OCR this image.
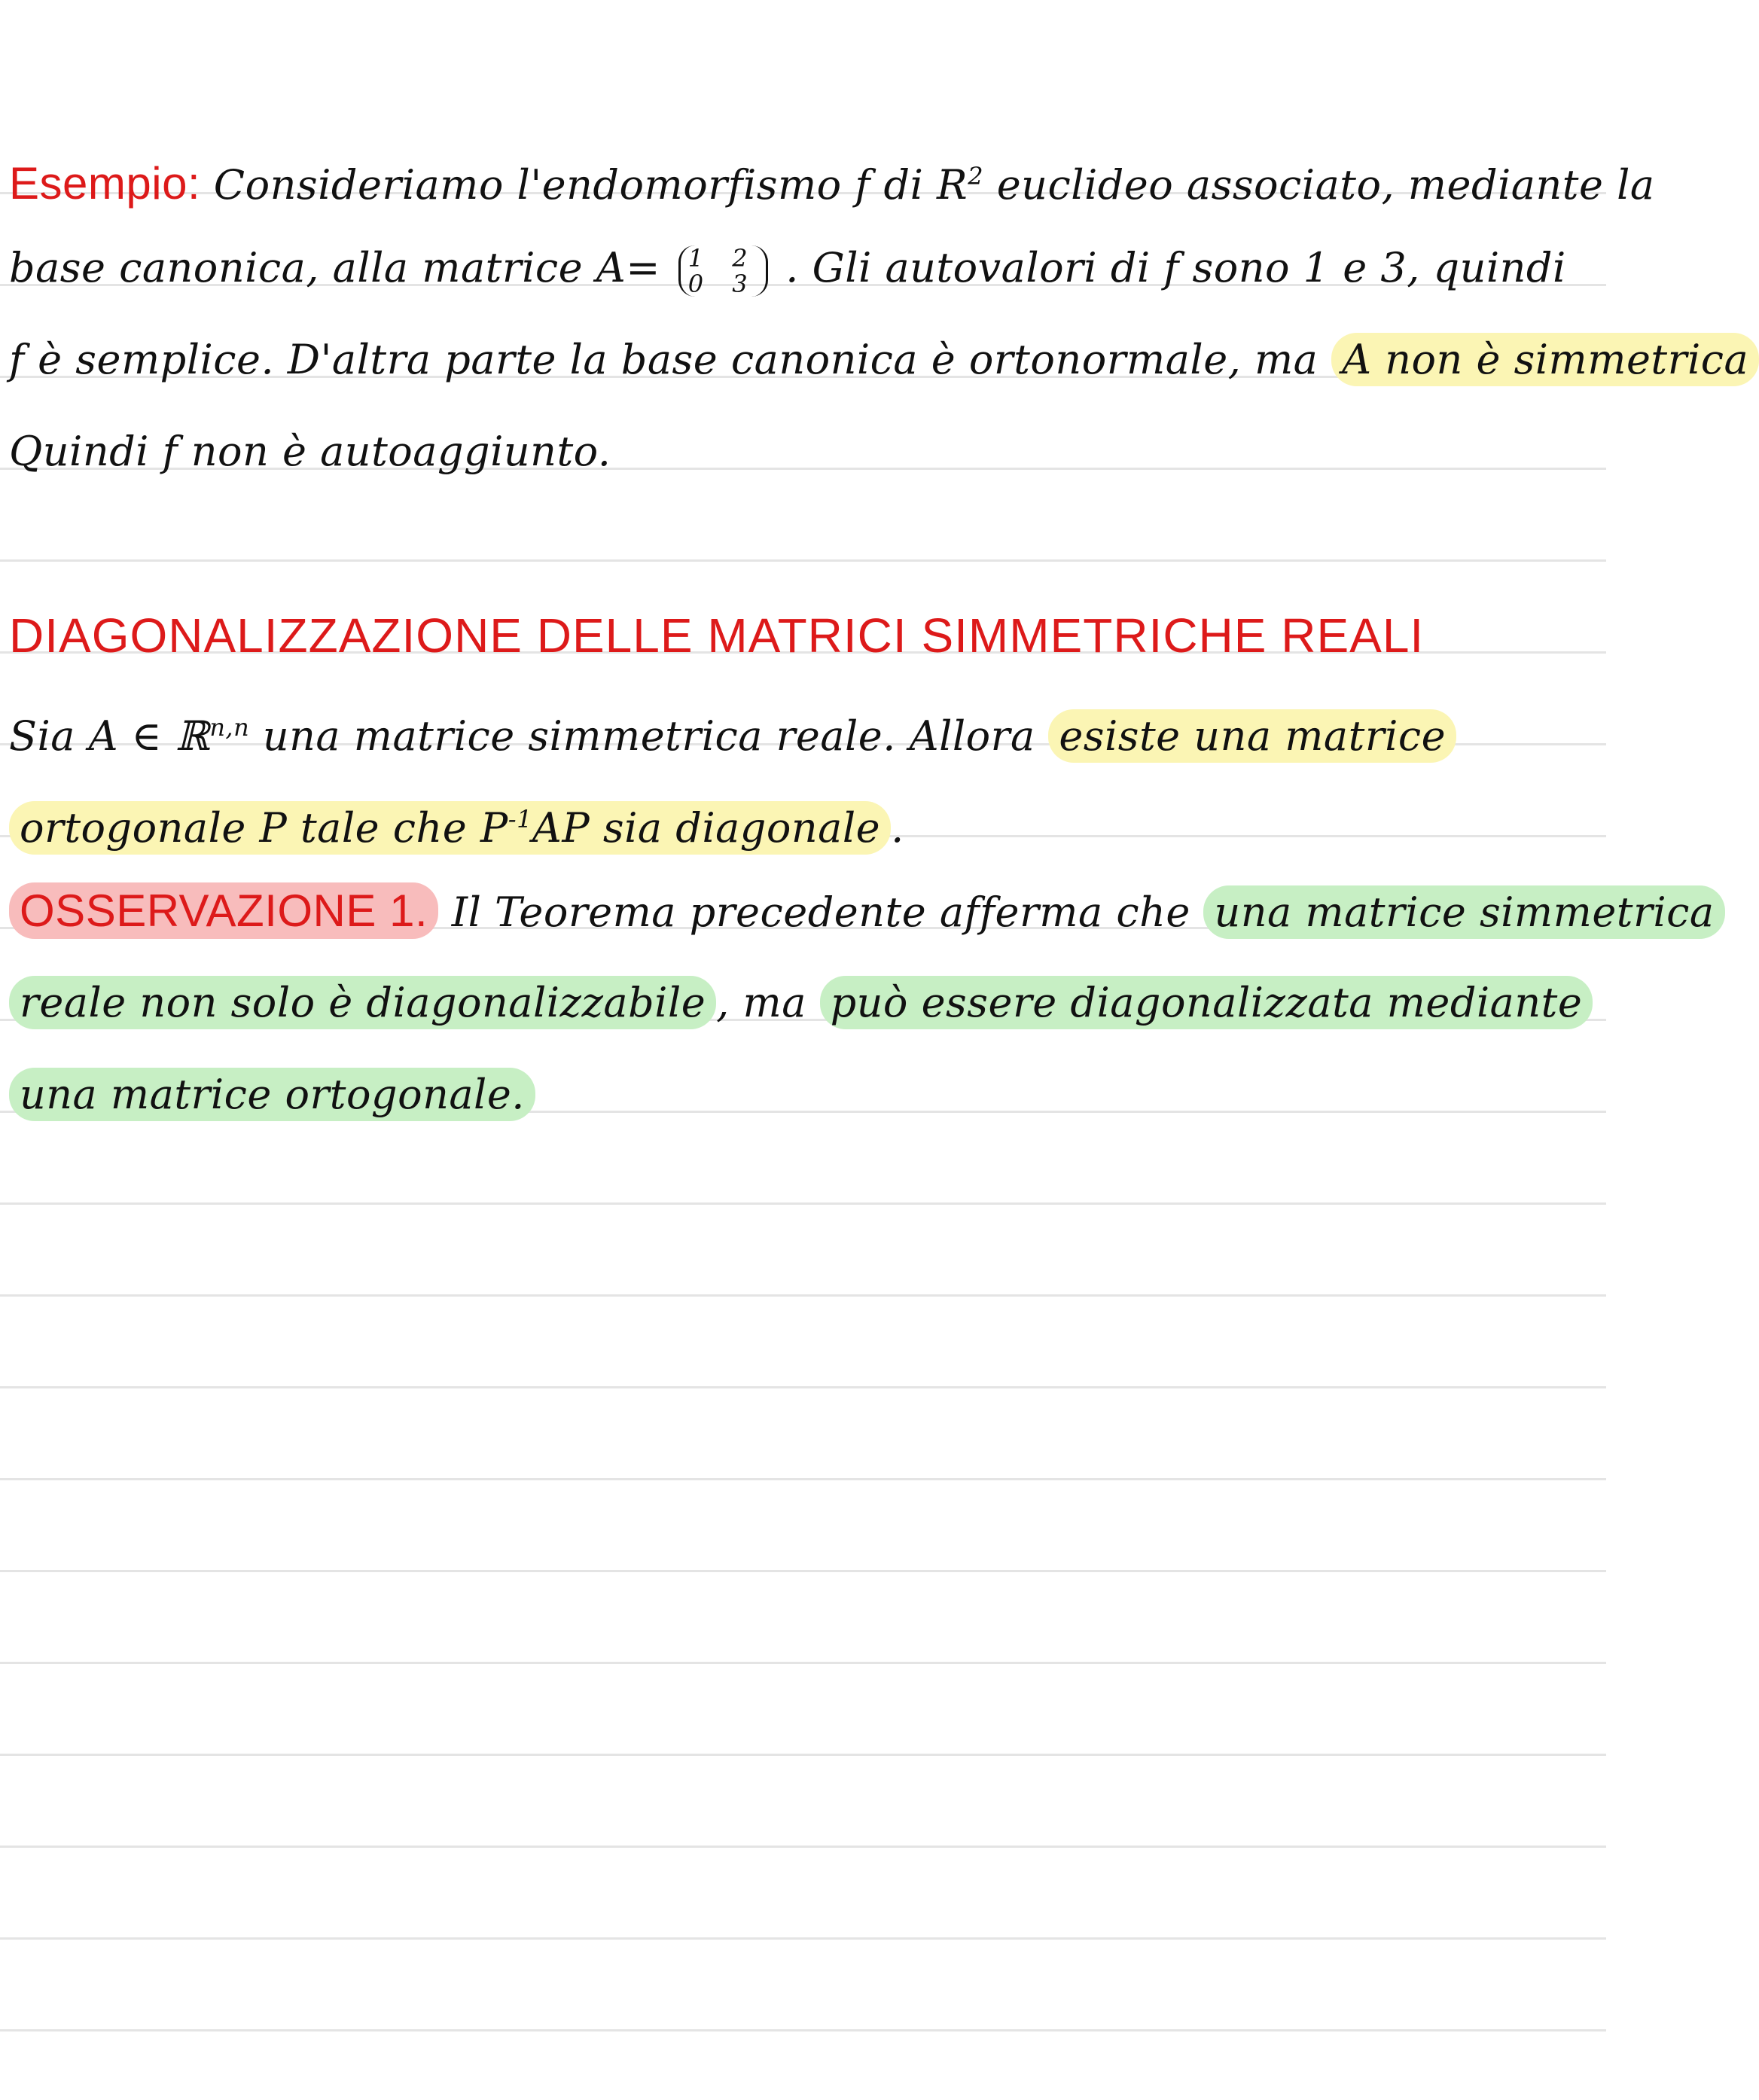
Esempio: Consideriamo l'endomorfismo f di $R^2$ euclideo associato, mediante la
base canonica, alla matrice A= 1 2
0 3 . Gli autovalori di f sono 1 e 3, quindi
f è semplice. D'altra parte la base canonica è ortonormale, ma A non è simmetrica
Quindi f non è autoaggiunto.
DIAGONALIZZAZIONE DELLE MATRICI SIMMETRICHE REALI
Sia A ∈ ℝ$^{n,n}$ una matrice simmetrica reale. Allora esiste una matrice
ortogonale P tale che $P^{-1}AP$ sia diagonale .
OSSERVAZIONE 1. Il Teorema precedente afferma che una matrice simmetrica
reale non solo è diagonalizzabile , ma può essere diagonalizzata mediante
una matrice ortogonale.
